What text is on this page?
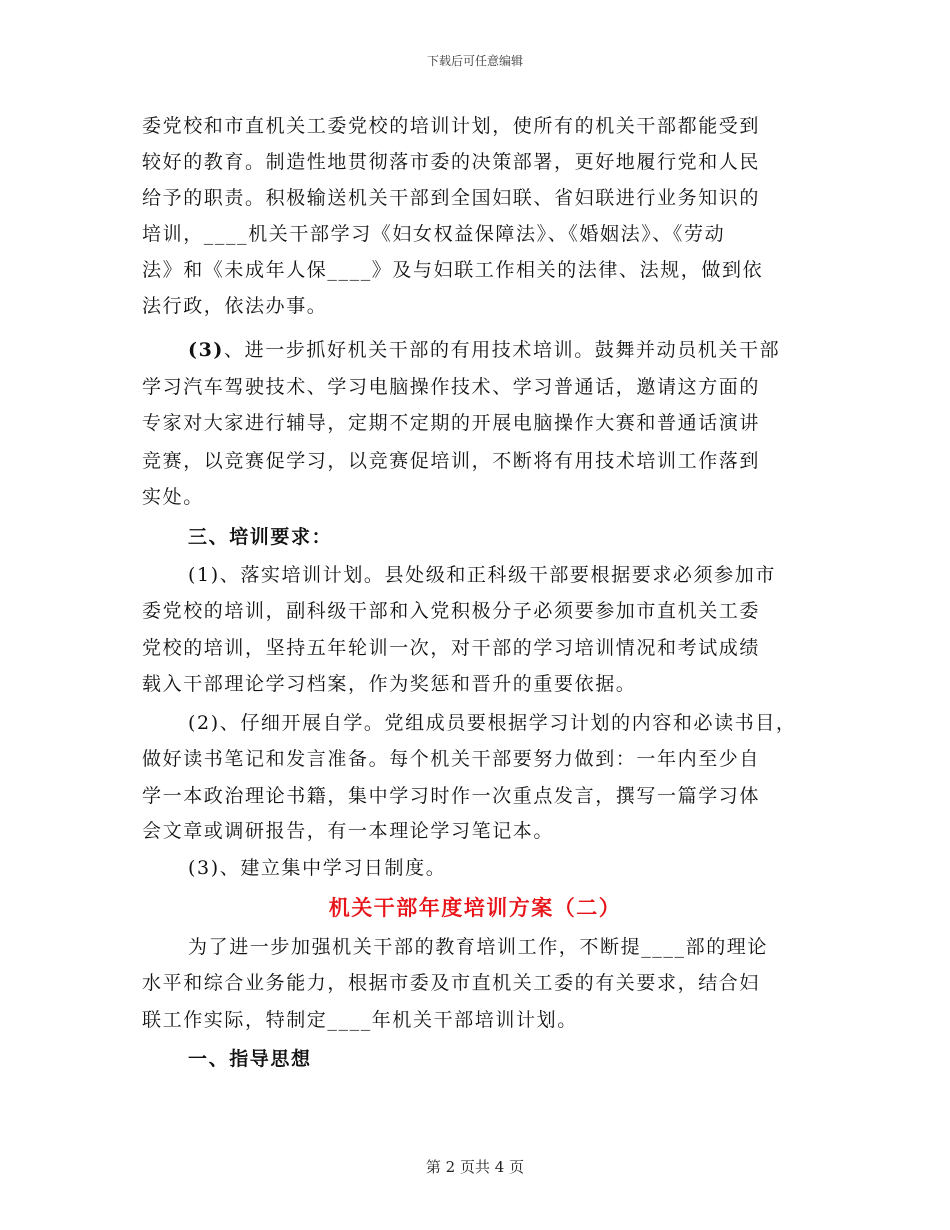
下载后可任意编辑
委党校和市直机关工委党校的培训计划，使所有的机关干部都能受到
较好的教育。制造性地贯彻落市委的决策部署，更好地履行党和人民
给予的职责。积极输送机关干部到全国妇联、省妇联进行业务知识的
培训，____机关干部学习《妇女权益保障法》、《婚姻法》、《劳动
法》和《未成年人保____》及与妇联工作相关的法律、法规，做到依
法行政，依法办事。
(3)、进一步抓好机关干部的有用技术培训。鼓舞并动员机关干部
学习汽车驾驶技术、学习电脑操作技术、学习普通话，邀请这方面的
专家对大家进行辅导，定期不定期的开展电脑操作大赛和普通话演讲
竞赛，以竞赛促学习，以竞赛促培训，不断将有用技术培训工作落到
实处。
三、培训要求：
(1)、落实培训计划。县处级和正科级干部要根据要求必须参加市
委党校的培训，副科级干部和入党积极分子必须要参加市直机关工委
党校的培训，坚持五年轮训一次，对干部的学习培训情况和考试成绩
载入干部理论学习档案，作为奖惩和晋升的重要依据。
(2)、仔细开展自学。党组成员要根据学习计划的内容和必读书目，
做好读书笔记和发言准备。每个机关干部要努力做到：一年内至少自
学一本政治理论书籍，集中学习时作一次重点发言，撰写一篇学习体
会文章或调研报告，有一本理论学习笔记本。
(3)、建立集中学习日制度。
机关干部年度培训方案（二）
为了进一步加强机关干部的教育培训工作，不断提____部的理论
水平和综合业务能力，根据市委及市直机关工委的有关要求，结合妇
联工作实际，特制定____年机关干部培训计划。
一、指导思想
第 2 页共 4 页
